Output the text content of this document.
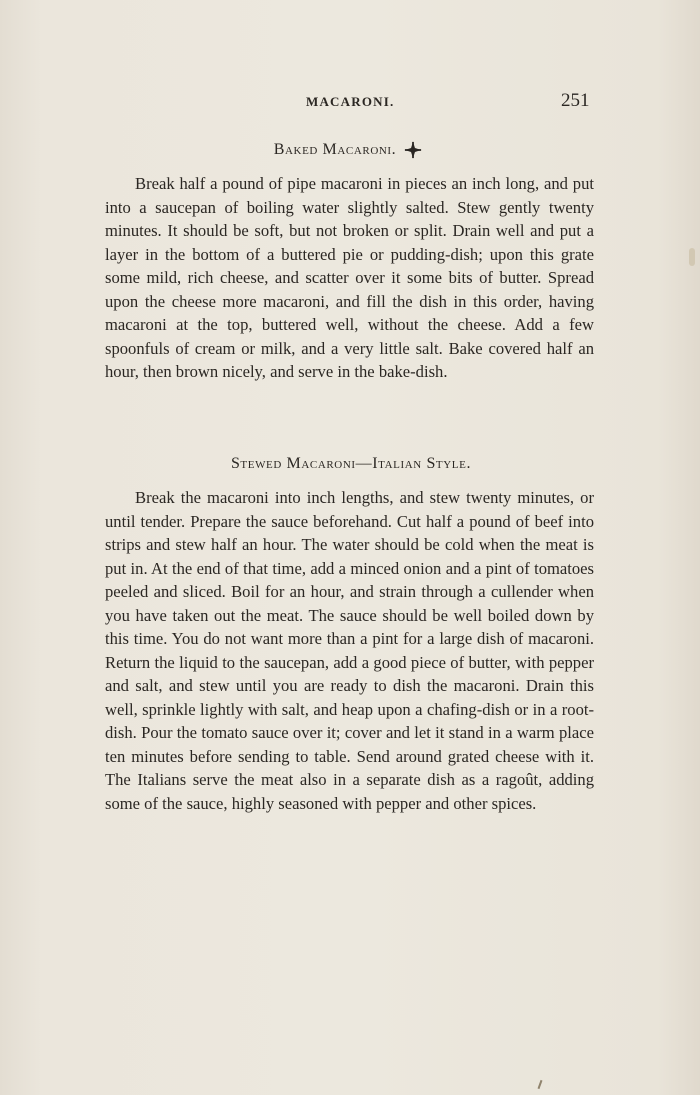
MACARONI.	251
Baked Macaroni.

Break half a pound of pipe macaroni in pieces an inch long, and put into a saucepan of boiling water slightly salted. Stew gently twenty minutes. It should be soft, but not broken or split. Drain well and put a layer in the bottom of a buttered pie or pudding-dish; upon this grate some mild, rich cheese, and scatter over it some bits of butter. Spread upon the cheese more macaroni, and fill the dish in this order, having macaroni at the top, buttered well, without the cheese. Add a few spoonfuls of cream or milk, and a very little salt. Bake covered half an hour, then brown nicely, and serve in the bake-dish.

Stewed Macaroni—Italian Style.

Break the macaroni into inch lengths, and stew twenty minutes, or until tender. Prepare the sauce beforehand. Cut half a pound of beef into strips and stew half an hour. The water should be cold when the meat is put in. At the end of that time, add a minced onion and a pint of tomatoes peeled and sliced. Boil for an hour, and strain through a cullender when you have taken out the meat. The sauce should be well boiled down by this time. You do not want more than a pint for a large dish of macaroni. Return the liquid to the saucepan, add a good piece of butter, with pepper and salt, and stew until you are ready to dish the macaroni. Drain this well, sprinkle lightly with salt, and heap upon a chafing-dish or in a root-dish. Pour the tomato sauce over it; cover and let it stand in a warm place ten minutes before sending to table. Send around grated cheese with it. The Italians serve the meat also in a separate dish as a ragoût, adding some of the sauce, highly seasoned with pepper and other spices.
